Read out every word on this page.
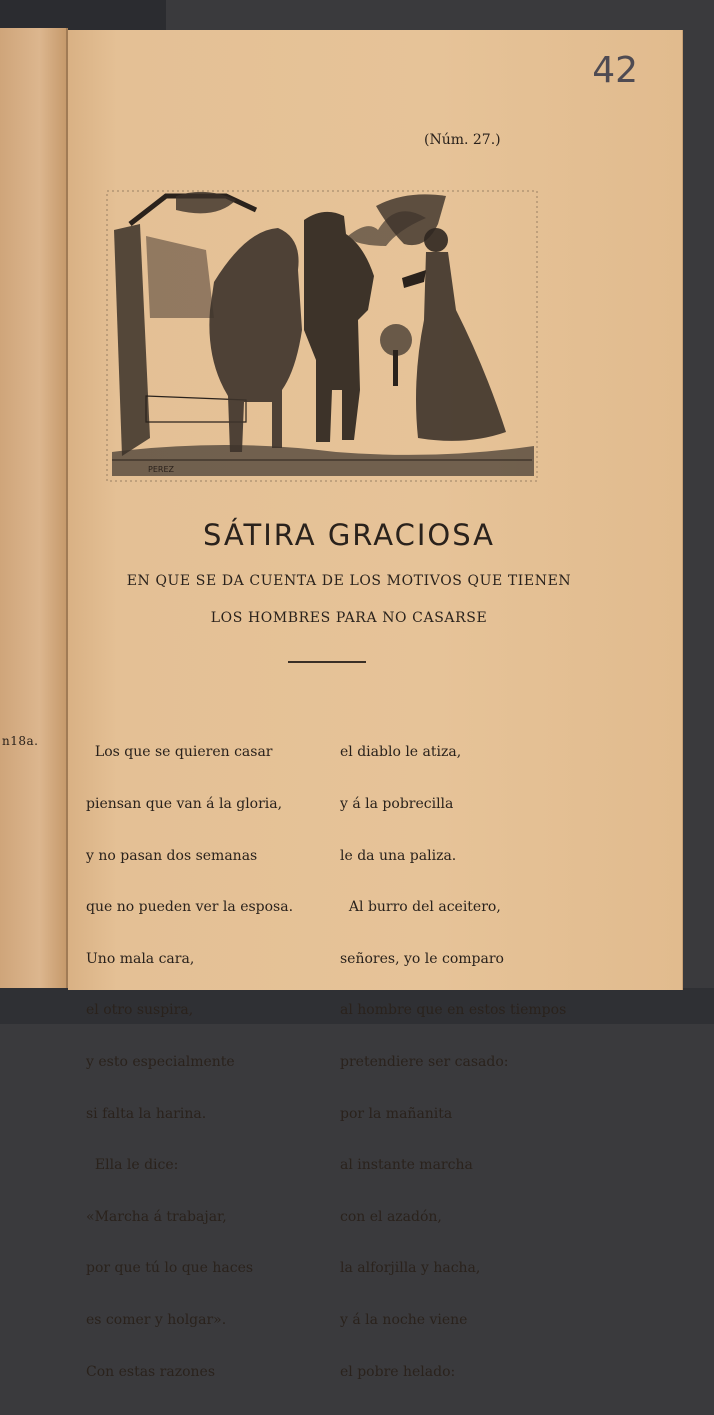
n18a.
42
(Núm. 27.)
PEREZ
SÁTIRA GRACIOSA
EN QUE SE DA CUENTA DE LOS MOTIVOS QUE TIENEN
LOS HOMBRES PARA NO CASARSE

Los que se quieren casar

piensan que van á la gloria,

y no pasan dos semanas

que no pueden ver la esposa.

Uno mala cara,

el otro suspira,

y esto especialmente

si falta la harina.

Ella le dice:

«Marcha á trabajar,

por que tú lo que haces

es comer y holgar».

Con estas razones

el diablo le atiza,

y á la pobrecilla

le da una paliza.

Al burro del aceitero,

señores, yo le comparo

al hombre que en estos tiempos

pretendiere ser casado:

por la mañanita

al instante marcha

con el azadón,

la alforjilla y hacha,

y á la noche viene

el pobre helado:
